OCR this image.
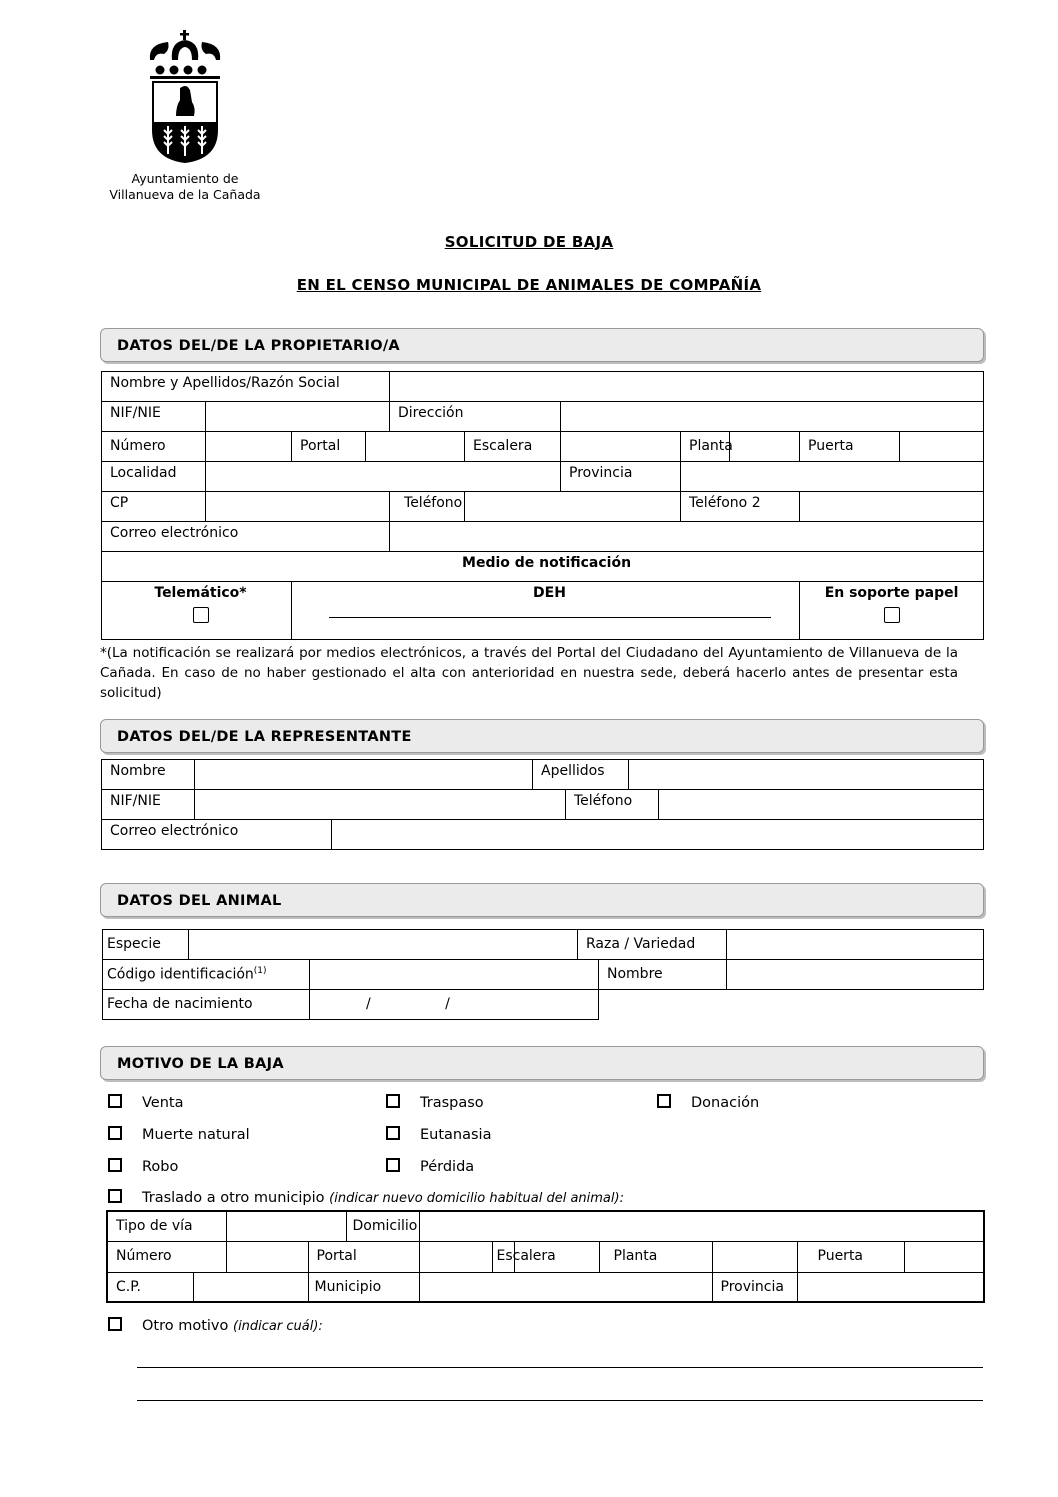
Ayuntamiento de
Villanueva de la Cañada
SOLICITUD DE BAJA
EN EL CENSO MUNICIPAL DE ANIMALES DE COMPAÑÍA
DATOS DEL/DE LA PROPIETARIO/A
Nombre y Apellidos/Razón Social										
NIF/NIE				Dirección						
Número		Portal			Escalera		Planta		Puerta	
Localidad						Provincia				
CP				Teléfono			Teléfono 2			
Correo electrónico										
Medio de notificación										

Telemático*		DEH							En soporte papel	
*(La notificación se realizará por medios electrónicos, a través del Portal del Ciudadano del Ayuntamiento de Villanueva de la Cañada. En caso de no haber gestionado el alta con anterioridad en nuestra sede, deberá hacerlo antes de presentar esta solicitud)
DATOS DEL/DE LA REPRESENTANTE
Nombre			Apellidos			
NIF/NIE				Teléfono		
Correo electrónico						
DATOS DEL ANIMAL
Especie			Raza / Variedad		
Código identificación$^{(1)}$				Nombre	
Fecha de nacimiento		/ /			
MOTIVO DE LA BAJA
Venta	Traspaso	Donación
Muerte natural	Eutanasia
Robo	Pérdida
Traslado a otro municipio (indicar nuevo domicilio habitual del animal):
Tipo de vía				Domicilio						
Número			Portal		Escalera		Planta		Puerta	
C.P.			Municipio					Provincia		
Otro motivo (indicar cuál):
